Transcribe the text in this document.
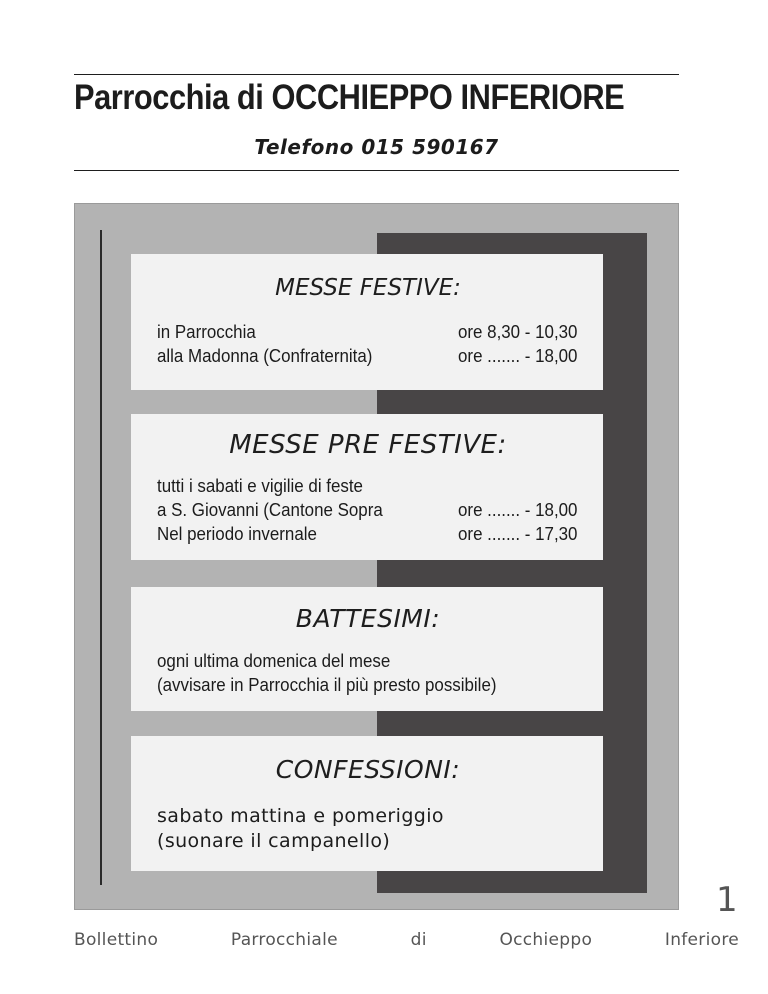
Parrocchia di OCCHIEPPO INFERIORE
Telefono 015 590167
MESSE FESTIVE:
in Parrocchia	ore 8,30 - 10,30
alla Madonna (Confraternita)	ore ....... - 18,00
MESSE PRE FESTIVE:
tutti i sabati e vigilie di feste
a S. Giovanni (Cantone Sopra	ore ....... - 18,00
Nel periodo invernale	ore ....... - 17,30
BATTESIMI:
ogni ultima domenica del mese
(avvisare in Parrocchia il più presto possibile)
CONFESSIONI:
sabato mattina e pomeriggio
(suonare il campanello)
1
Bollettino	Parrocchiale	di	Occhieppo	Inferiore
